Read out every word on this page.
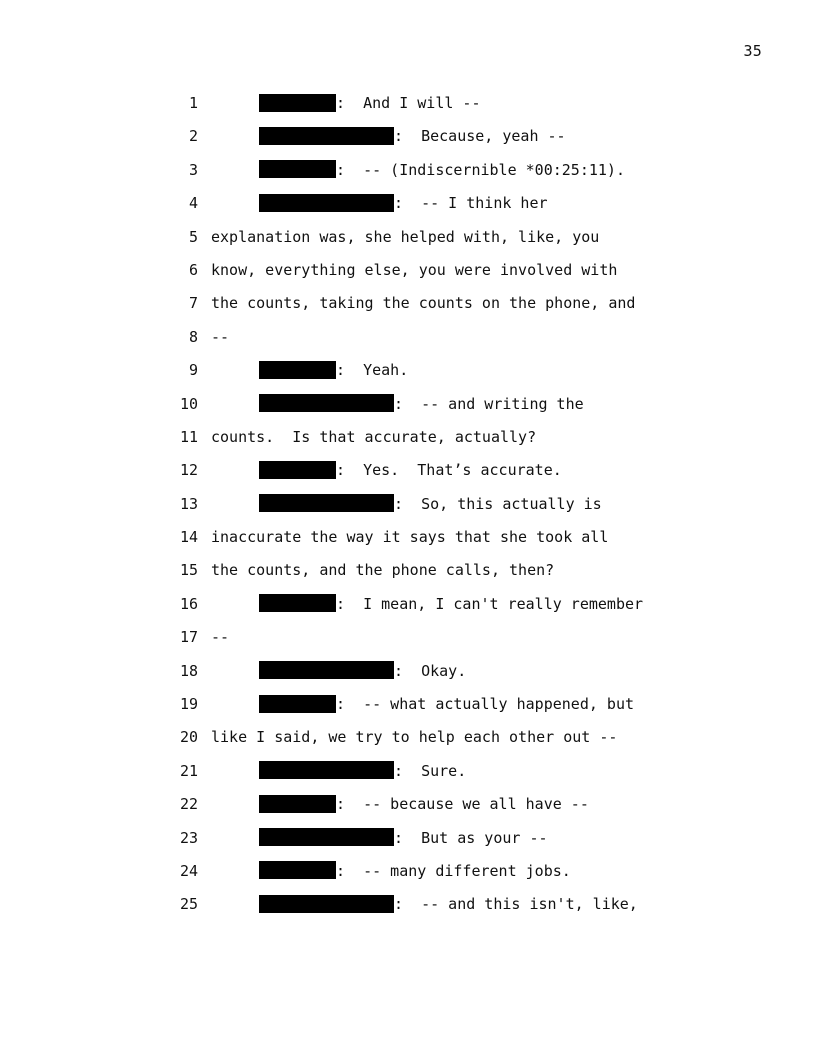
35
1	:  And I will --
2	:  Because, yeah --
3	:  -- (Indiscernible *00:25:11).
4	:  -- I think her
5 explanation was, she helped with, like, you
6 know, everything else, you were involved with
7 the counts, taking the counts on the phone, and
8 --
9	:  Yeah.
10	:  -- and writing the
11 counts.  Is that accurate, actually?
12	:  Yes.  That’s accurate.
13	:  So, this actually is
14 inaccurate the way it says that she took all
15 the counts, and the phone calls, then?
16	:  I mean, I can't really remember
17 --
18	:  Okay.
19	:  -- what actually happened, but
20 like I said, we try to help each other out --
21	:  Sure.
22	:  -- because we all have --
23	:  But as your --
24	:  -- many different jobs.
25	:  -- and this isn't, like,
